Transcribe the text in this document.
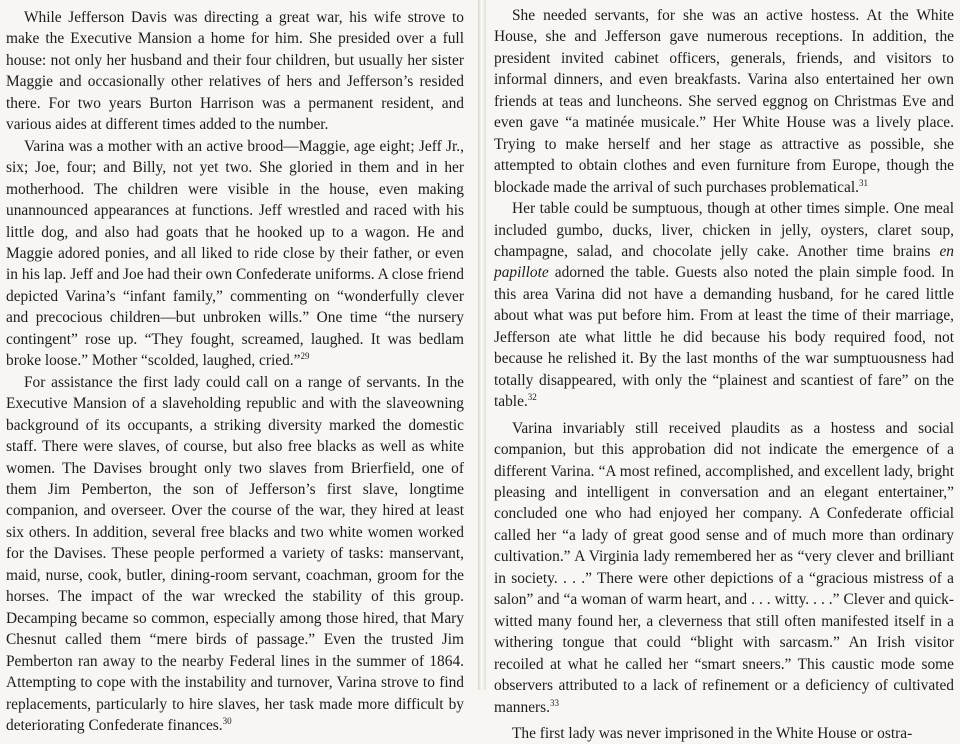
While Jefferson Davis was directing a great war, his wife strove to make the Executive Mansion a home for him. She presided over a full house: not only her husband and their four children, but usually her sister Maggie and occasionally other relatives of hers and Jefferson’s resided there. For two years Burton Harrison was a permanent resident, and various aides at different times added to the number.

Varina was a mother with an active brood—Maggie, age eight; Jeff Jr., six; Joe, four; and Billy, not yet two. She gloried in them and in her motherhood. The children were visible in the house, even making unannounced appearances at functions. Jeff wrestled and raced with his little dog, and also had goats that he hooked up to a wagon. He and Maggie adored ponies, and all liked to ride close by their father, or even in his lap. Jeff and Joe had their own Confederate uniforms. A close friend depicted Varina’s “infant family,” commenting on “wonderfully clever and precocious children—but unbroken wills.” One time “the nursery contingent” rose up. “They fought, screamed, laughed. It was bedlam broke loose.” Mother “scolded, laughed, cried.”$^{29}$

For assistance the first lady could call on a range of servants. In the Executive Mansion of a slaveholding republic and with the slaveowning background of its occupants, a striking diversity marked the domestic staff. There were slaves, of course, but also free blacks as well as white women. The Davises brought only two slaves from Brierfield, one of them Jim Pemberton, the son of Jefferson’s first slave, longtime companion, and overseer. Over the course of the war, they hired at least six others. In addition, several free blacks and two white women worked for the Davises. These people performed a variety of tasks: manservant, maid, nurse, cook, butler, dining-room servant, coachman, groom for the horses. The impact of the war wrecked the stability of this group. Decamping became so common, especially among those hired, that Mary Chesnut called them “mere birds of passage.” Even the trusted Jim Pemberton ran away to the nearby Federal lines in the summer of 1864. Attempting to cope with the instability and turnover, Varina strove to find replacements, particularly to hire slaves, her task made more difficult by deteriorating Confederate finances.$^{30}$

She needed servants, for she was an active hostess. At the White House, she and Jefferson gave numerous receptions. In addition, the president invited cabinet officers, generals, friends, and visitors to informal dinners, and even breakfasts. Varina also entertained her own friends at teas and luncheons. She served eggnog on Christmas Eve and even gave “a matinée musicale.” Her White House was a lively place. Trying to make herself and her stage as attractive as possible, she attempted to obtain clothes and even furniture from Europe, though the blockade made the arrival of such purchases problematical.$^{31}$

Her table could be sumptuous, though at other times simple. One meal included gumbo, ducks, liver, chicken in jelly, oysters, claret soup, champagne, salad, and chocolate jelly cake. Another time brains en papillote adorned the table. Guests also noted the plain simple food. In this area Varina did not have a demanding husband, for he cared little about what was put before him. From at least the time of their marriage, Jefferson ate what little he did because his body required food, not because he relished it. By the last months of the war sumptuousness had totally disappeared, with only the “plainest and scantiest of fare” on the table.$^{32}$

Varina invariably still received plaudits as a hostess and social companion, but this approbation did not indicate the emergence of a different Varina. “A most refined, accomplished, and excellent lady, bright pleasing and intelligent in conversation and an elegant entertainer,” concluded one who had enjoyed her company. A Confederate official called her “a lady of great good sense and of much more than ordinary cultivation.” A Virginia lady remembered her as “very clever and brilliant in society. . . .” There were other depictions of a “gracious mistress of a salon” and “a woman of warm heart, and . . . witty. . . .” Clever and quick-witted many found her, a cleverness that still often manifested itself in a withering tongue that could “blight with sarcasm.” An Irish visitor recoiled at what he called her “smart sneers.” This caustic mode some observers attributed to a lack of refinement or a deficiency of cultivated manners.$^{33}$

The first lady was never imprisoned in the White House or ostra-
